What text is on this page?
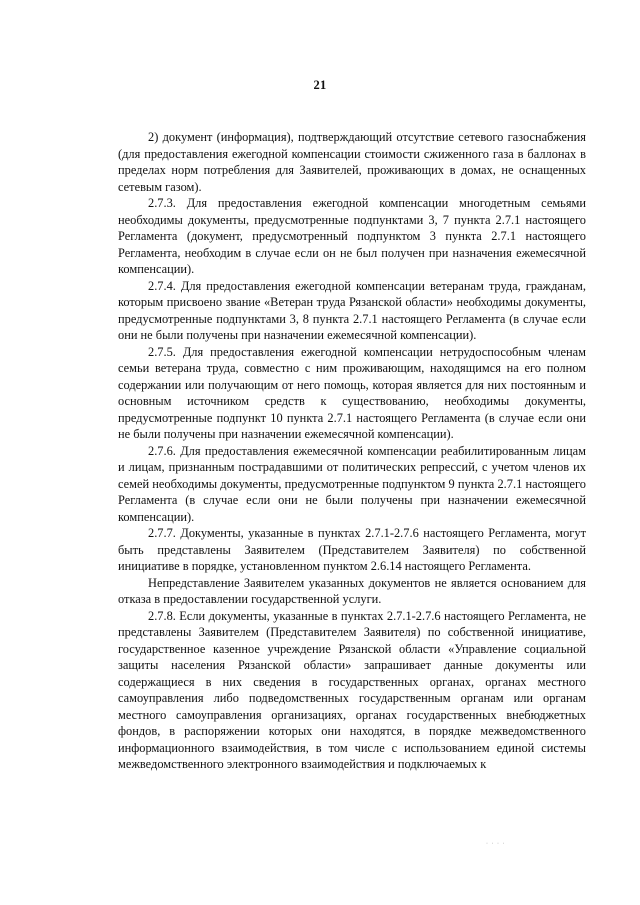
21

2) документ (информация), подтверждающий отсутствие сетевого газоснабжения (для предоставления ежегодной компенсации стоимости сжиженного газа в баллонах в пределах норм потребления для Заявителей, проживающих в домах, не оснащенных сетевым газом).

2.7.3. Для предоставления ежегодной компенсации многодетным семьями необходимы документы, предусмотренные подпунктами 3, 7 пункта 2.7.1 настоящего Регламента (документ, предусмотренный подпунктом 3 пункта 2.7.1 настоящего Регламента, необходим в случае если он не был получен при назначения ежемесячной компенсации).

2.7.4. Для предоставления ежегодной компенсации ветеранам труда, гражданам, которым присвоено звание «Ветеран труда Рязанской области» необходимы документы, предусмотренные подпунктами 3, 8 пункта 2.7.1 настоящего Регламента (в случае если они не были получены при назначении ежемесячной компенсации).

2.7.5. Для предоставления ежегодной компенсации нетрудоспособным членам семьи ветерана труда, совместно с ним проживающим, находящимся на его полном содержании или получающим от него помощь, которая является для них постоянным и основным источником средств к существованию, необходимы документы, предусмотренные подпункт 10 пункта 2.7.1 настоящего Регламента (в случае если они не были получены при назначении ежемесячной компенсации).

2.7.6. Для предоставления ежемесячной компенсации реабилитированным лицам и лицам, признанным пострадавшими от политических репрессий, с учетом членов их семей необходимы документы, предусмотренные подпунктом 9 пункта 2.7.1 настоящего Регламента (в случае если они не были получены при назначении ежемесячной компенсации).

2.7.7. Документы, указанные в пунктах 2.7.1-2.7.6 настоящего Регламента, могут быть представлены Заявителем (Представителем Заявителя) по собственной инициативе в порядке, установленном пунктом 2.6.14 настоящего Регламента.

Непредставление Заявителем указанных документов не является основанием для отказа в предоставлении государственной услуги.

2.7.8. Если документы, указанные в пунктах 2.7.1-2.7.6 настоящего Регламента, не представлены Заявителем (Представителем Заявителя) по собственной инициативе, государственное казенное учреждение Рязанской области «Управление социальной защиты населения Рязанской области» запрашивает данные документы или содержащиеся в них сведения в государственных органах, органах местного самоуправления либо подведомственных государственным органам или органам местного самоуправления организациях, органах государственных внебюджетных фондов, в распоряжении которых они находятся, в порядке межведомственного информационного взаимодействия, в том числе с использованием единой системы межведомственного электронного взаимодействия и подключаемых к

· · · ·
